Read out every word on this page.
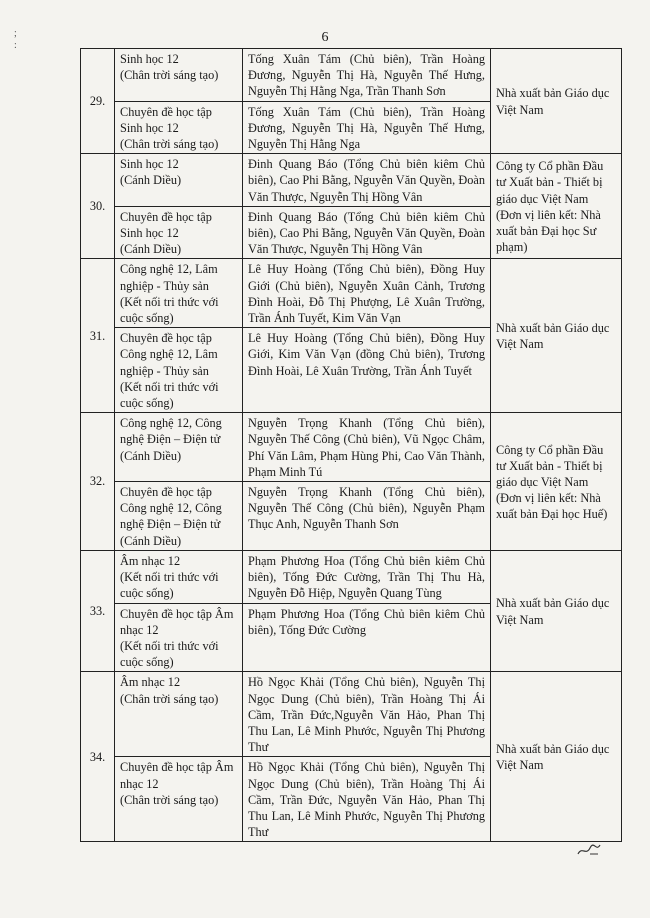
6
;
:
29.	Sinh học 12
(Chân trời sáng tạo)	Tống Xuân Tám (Chủ biên), Trần Hoàng Đương, Nguyễn Thị Hà, Nguyễn Thế Hưng, Nguyễn Thị Hằng Nga, Trần Thanh Sơn	Nhà xuất bản Giáo dục Việt Nam
	Chuyên đề học tập Sinh học 12
(Chân trời sáng tạo)	Tống Xuân Tám (Chủ biên), Trần Hoàng Đương, Nguyễn Thị Hà, Nguyễn Thế Hưng, Nguyễn Thị Hằng Nga	
30.	Sinh học 12
(Cánh Diều)	Đinh Quang Báo (Tổng Chủ biên kiêm Chủ biên), Cao Phi Bằng, Nguyễn Văn Quyền, Đoàn Văn Thược, Nguyễn Thị Hồng Vân	Công ty Cổ phần Đầu tư Xuất bản - Thiết bị giáo dục Việt Nam
(Đơn vị liên kết: Nhà xuất bản Đại học Sư phạm)
	Chuyên đề học tập Sinh học 12
(Cánh Diều)	Đinh Quang Báo (Tổng Chủ biên kiêm Chủ biên), Cao Phi Bằng, Nguyễn Văn Quyền, Đoàn Văn Thược, Nguyễn Thị Hồng Vân	
31.	Công nghệ 12, Lâm nghiệp - Thủy sản
(Kết nối tri thức với cuộc sống)	Lê Huy Hoàng (Tổng Chủ biên), Đồng Huy Giới (Chủ biên), Nguyễn Xuân Cảnh, Trương Đình Hoài, Đỗ Thị Phượng, Lê Xuân Trường, Trần Ánh Tuyết, Kim Văn Vạn	Nhà xuất bản Giáo dục Việt Nam
	Chuyên đề học tập Công nghệ 12, Lâm nghiệp - Thủy sản
(Kết nối tri thức với cuộc sống)	Lê Huy Hoàng (Tổng Chủ biên), Đồng Huy Giới, Kim Văn Vạn (đồng Chủ biên), Trương Đình Hoài, Lê Xuân Trường, Trần Ánh Tuyết	
32.	Công nghệ 12, Công nghệ Điện – Điện tử
(Cánh Diều)	Nguyễn Trọng Khanh (Tổng Chủ biên), Nguyễn Thế Công (Chủ biên), Vũ Ngọc Châm, Phí Văn Lâm, Phạm Hùng Phi, Cao Văn Thành, Phạm Minh Tú	Công ty Cổ phần Đầu tư Xuất bản - Thiết bị giáo dục Việt Nam
(Đơn vị liên kết: Nhà xuất bản Đại học Huế)
	Chuyên đề học tập Công nghệ 12, Công nghệ Điện – Điện tử
(Cánh Diều)	Nguyễn Trọng Khanh (Tổng Chủ biên), Nguyễn Thế Công (Chủ biên), Nguyễn Phạm Thục Anh, Nguyễn Thanh Sơn	
33.	Âm nhạc 12
(Kết nối tri thức với cuộc sống)	Phạm Phương Hoa (Tổng Chủ biên kiêm Chủ biên), Tống Đức Cường, Trần Thị Thu Hà, Nguyễn Đỗ Hiệp, Nguyễn Quang Tùng	Nhà xuất bản Giáo dục Việt Nam
	Chuyên đề học tập Âm nhạc 12
(Kết nối tri thức với cuộc sống)	Phạm Phương Hoa (Tổng Chủ biên kiêm Chủ biên), Tống Đức Cường	
34.	Âm nhạc 12
(Chân trời sáng tạo)	Hồ Ngọc Khải (Tổng Chủ biên), Nguyễn Thị Ngọc Dung (Chủ biên), Trần Hoàng Thị Ái Cầm, Trần Đức,Nguyễn Văn Hảo, Phan Thị Thu Lan, Lê Minh Phước, Nguyễn Thị Phương Thư	Nhà xuất bản Giáo dục Việt Nam
	Chuyên đề học tập Âm nhạc 12
(Chân trời sáng tạo)	Hồ Ngọc Khải (Tổng Chủ biên), Nguyễn Thị Ngọc Dung (Chủ biên), Trần Hoàng Thị Ái Cầm, Trần Đức, Nguyễn Văn Hảo, Phan Thị Thu Lan, Lê Minh Phước, Nguyễn Thị Phương Thư	
